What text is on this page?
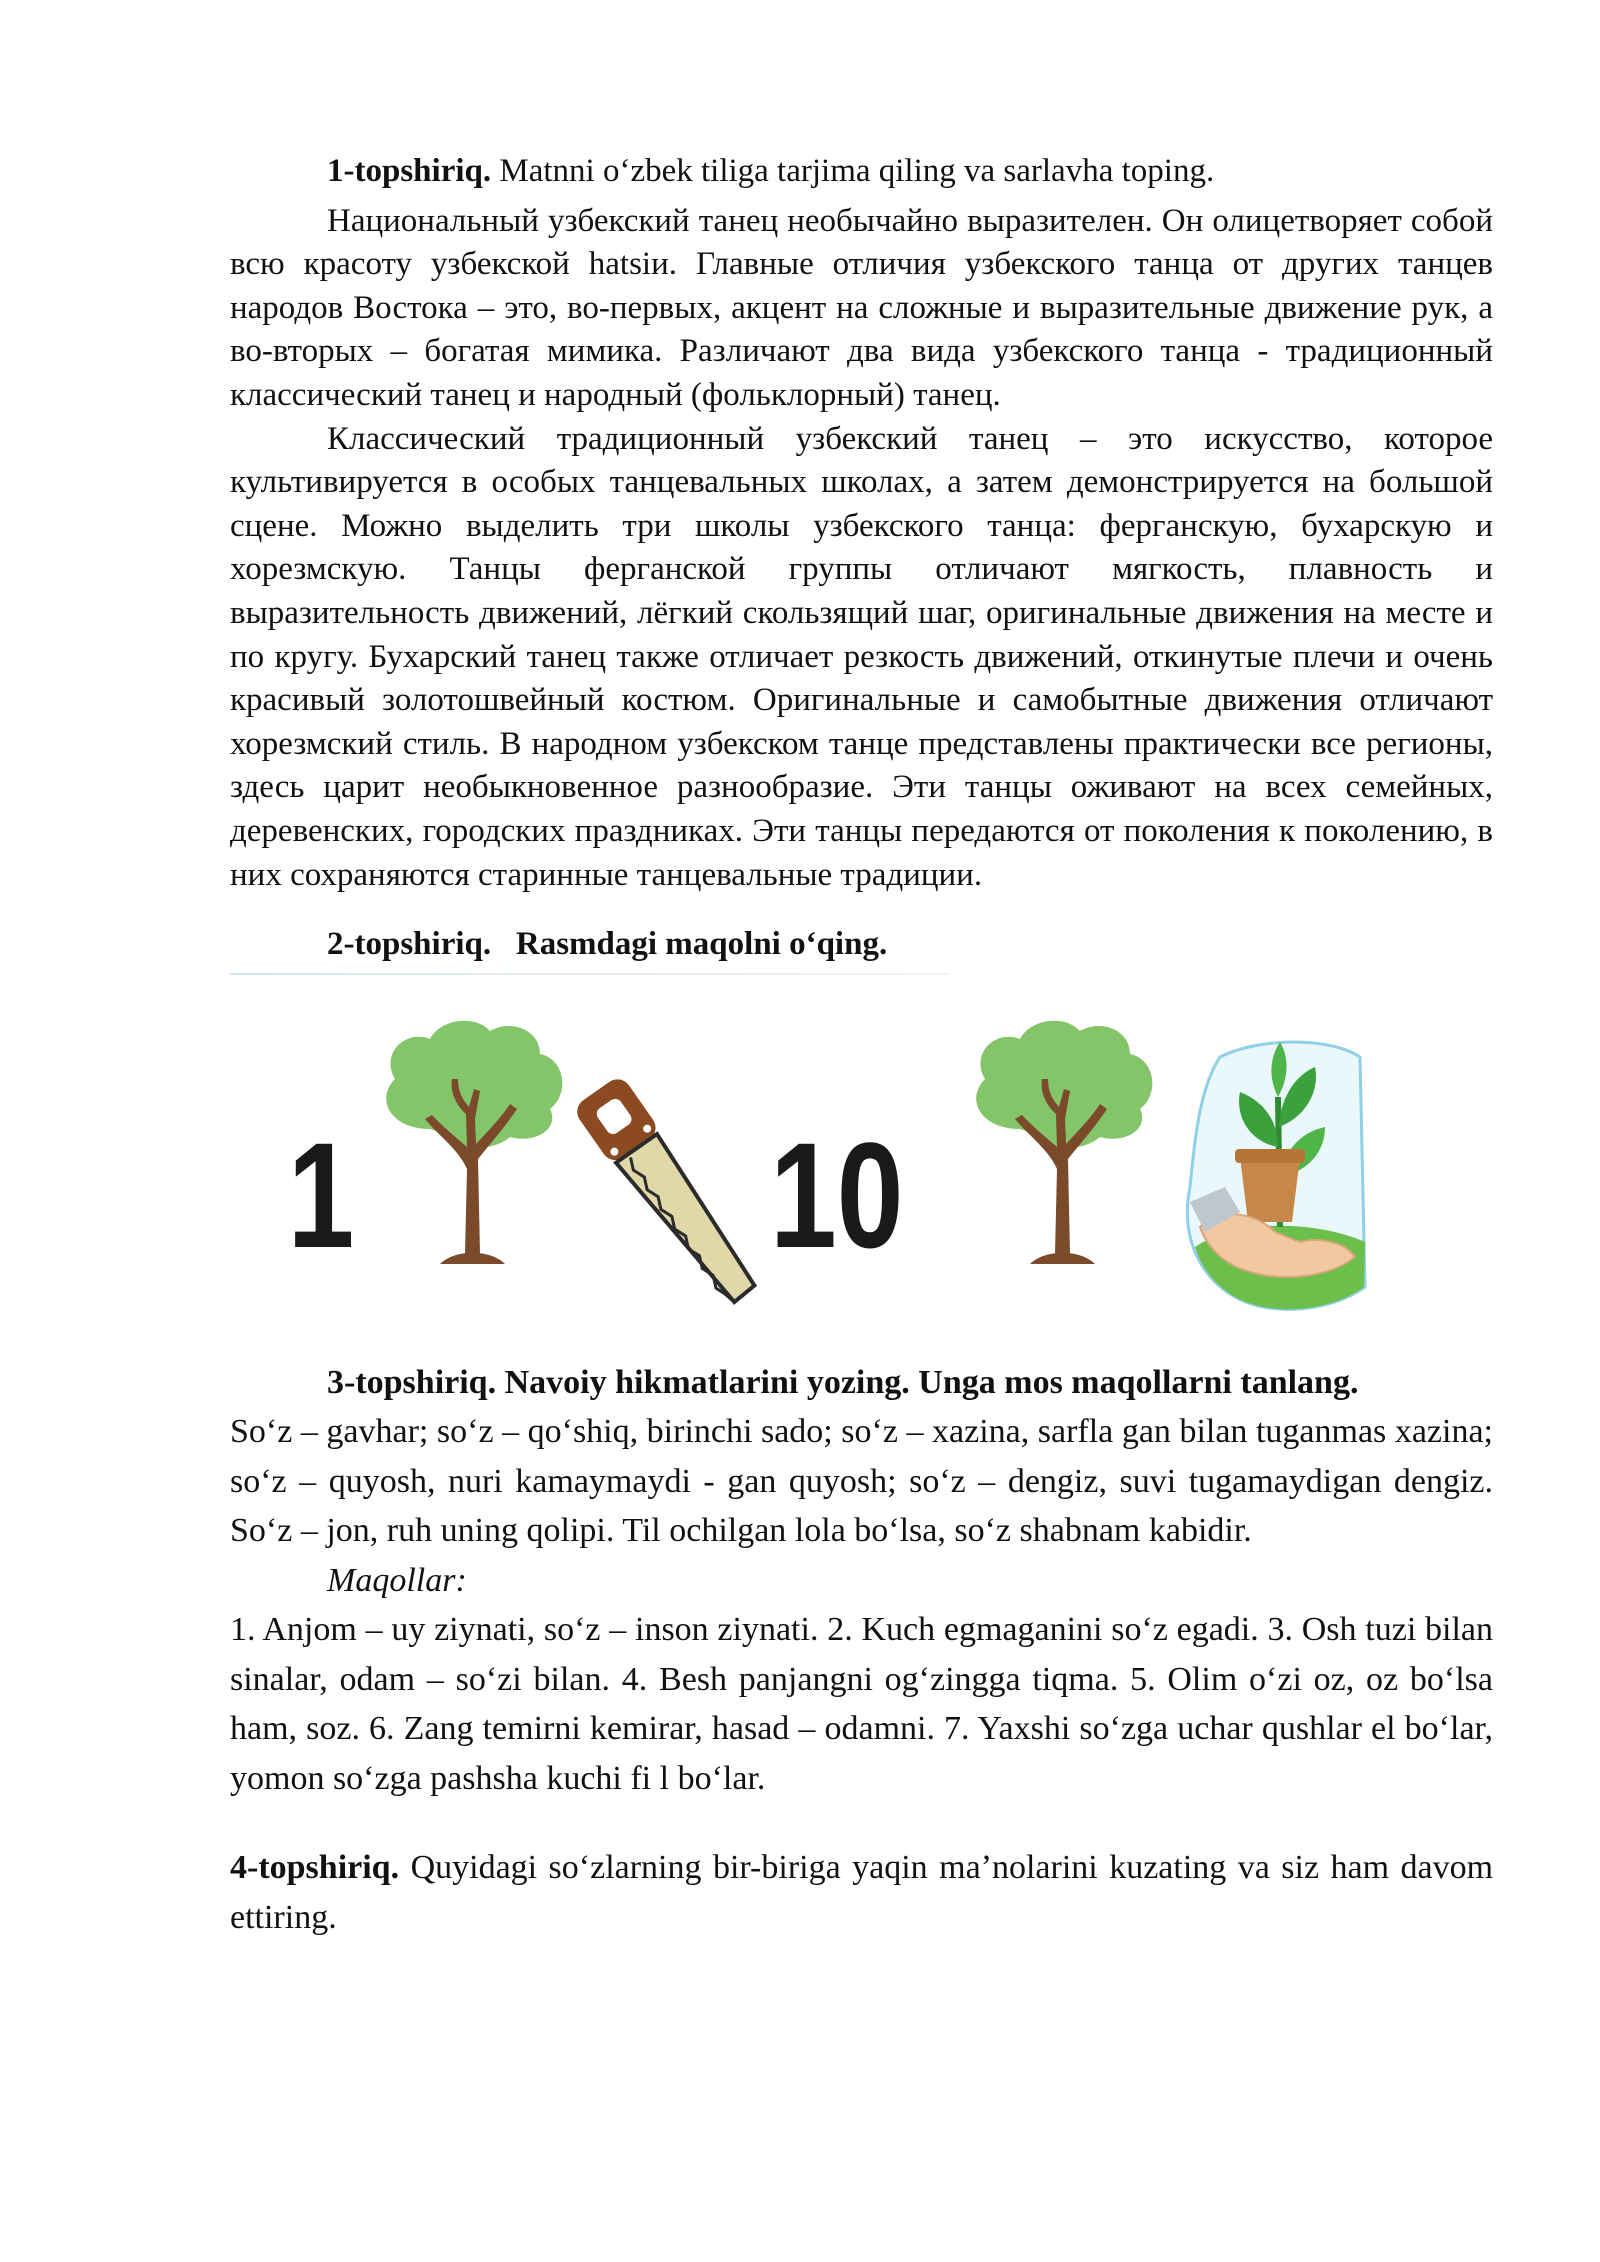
1-topshiriq. Matnni oʻzbek tiligа tarjima qiling va sarlavha toping.

Национальный узбекский танец необычайно выразителен. Он олицетворяет собой всю красоту узбекской hatsiи. Главные отличия узбекского танца от других танцев народов Востока – это, во-первых, акцент на сложные и выразительные движение рук, а во-вторых – богатая мимика. Различают два вида узбекского танца - традиционный классический танец и народный (фольклорный) танец.

Классический традиционный узбекский танец – это искусство, которое культивируется в особых танцевальных школах, а затем демонстрируется на большой сцене. Можно выделить три школы узбекского танца: ферганскую, бухарскую и хорезмскую. Танцы ферганской группы отличают мягкость, плавность и выразительность движений, лёгкий скользящий шаг, оригинальные движения на месте и по кругу. Бухарский танец также отличает резкость движений, откинутые плечи и очень красивый золотошвейный костюм. Оригинальные и самобытные движения отличают хорезмский стиль. В народном узбекском танце представлены практически все регионы, здесь царит необыкновенное разнообразие. Эти танцы оживают на всех семейных, деревенских, городских праздниках. Эти танцы передаются от поколения к поколению, в них сохраняются старинные танцевальные традиции.

2-topshiriq. Rasmdagi maqolni oʻqing.

1	10

3-topshiriq. Navoiy hikmatlarini yozing. Unga mos maqollarni tanlang.

Soʻz – gavhar; soʻz – qoʻshiq, birinchi sado; soʻz – xazina, sarfla gan bilan tuganmas xazina; soʻz – quyosh, nuri kamaymaydi - gan quyosh; soʻz – dengiz, suvi tugamaydigan dengiz. Soʻz – jon, ruh uning qolipi. Til ochilgan lola boʻlsa, soʻz shabnam kabidir.

Maqollar:

1. Anjom – uy ziynati, soʻz – inson ziynati. 2. Kuch egmaganini soʻz egadi. 3. Osh tuzi bilan sinalar, odam – soʻzi bilan. 4. Besh panjangni ogʻzingga tiqma. 5. Olim oʻzi oz, oz boʻlsa ham, soz. 6. Zang temirni kemirar, hasad – odamni. 7. Yaxshi soʻzga uchar qushlar el boʻlar, yomon soʻzga pashsha kuchi fi l boʻlar.

4-topshiriq. Quyidagi soʻzlarning bir-biriga yaqin maʼnolarini kuzating va siz ham davom ettiring.
